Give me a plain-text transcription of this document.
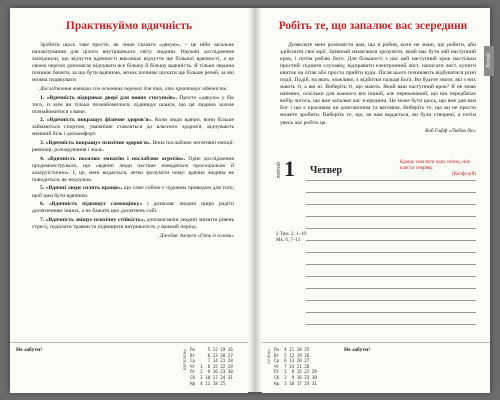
Практикуймо вдячність

Зробити щось таке просте, як лише сказати «дякую», – це ніби загальне налаштування для цілого внутрішнього світу людини. Наукові дослідження засвідчили, що відчуття вдячності викликає відчуття ще більшої вдячності, а це своєю чергою допомагає відчувати все більшу й більшу вдячність. Я тільки людина починає бачити, за що бути вдячною, мозок починає шукати ще більше речей, за які можна подякувати.

Дослідження виявили сім основних переваг для тих, хто практикує вдячність:

1. «Вдячність відкриває двері для нових стосунків». Просте «дякую» у бік того, із ким ви тільки познайомилися, підвищує шанси, що ця людина захоче познайомитися з вами.

2. «Вдячність покращує фізичне здоров'я». Коли люди вдячні, вони більше займаються спортом, уважніше ставляться до власного здоров'я, відчувають менший біль і дискомфорт.

3. «Вдячність покращує психічне здоров'я». Вона послаблює негативні емоції: ревнощі, розчарування і жаль.

4. «Вдячність посилює емпатію і послаблює агресію». Одне дослідження продемонструвало, що «вдячні люди частіше поводяться просоціально й альтруїстично». І, це, мені видається, легко зрозуміти чому: вдячна людина не поводиться, як недоумок.

5. «Вдячні люди сплять краще», що саме собою є чудовим приводом для того, щоб цим бути вдячним.

6. «Вдячність підвищує самооцінку» і дозволяє людині щиро радіти досягненням інших, а не бажати цих досягнень собі.

7. «Вдячність звіщує психічну стійкість», допомагаючи людині знизити рівень стресу, подолати травми та підвищити витривалість у важкий період.

Джеймс Алтуєн «Геть із голови»

Не забути!	БЕРЕЗЕНЬ Пн     5 12 19 26
Вт     6 13 20 27
Ср     7 14 21 28
Чт  1  8 15 22 29
Пт  2  9 16 23 30
Сб  3 10 17 24 31
Нд  4 11 18 25
Робіть те, що запалює вас зсередини

Дозвольте мені розповісти вам, що я робив, коли не знаю, що робити, аби здійснити свої мрії. Зазвичай намагаюся зрозуміти, який має бути мій наступний крок, і потім роблю його. Для більшості з нас цей наступний крок настільки простий: підняти слухавку, відправити електронний лист, написати лист, купити квиток на літак або просто прийти куди. Після цього починають відбуватися різні події. Подій, на яких, можливо, є відбитки пальця Бога. Ви будете знати, які з них мають ті, а які ні. Виберіть ті, що мають. Який ваш наступний крок? Я не знаю напевно, оскільки для кожного він інший, але переконаний, що він передбачає вибір чогось, що вже запалює вас зсередини. Це може бути щось, що вже дав вам Бог і що є красивим чи довговічним та вагомим. Виберіть те, що ви не просто можете зробити. Виберіть те, що, як вам видається, ви були створені, а потім увесь час робіть це.

Боб Гофф «Любов діє»

Лютий
ЛЮТИЙ 1 Четвер
Краще запалити одну свічку, ніж клясти темряву.
(Конфуцій)
2 Тим. 2, 1–10
Мк. 6, 7–13
СІЧЕНЬ Пн  4 11 18 25
Вт  5 12 19 26
Ср  6 13 20 27
Чт  7 14 21 28
Пт  1  8 15 22 29
Сб  2  9 16 23 30
Нд  3 10 17 24 31
Не забути!
